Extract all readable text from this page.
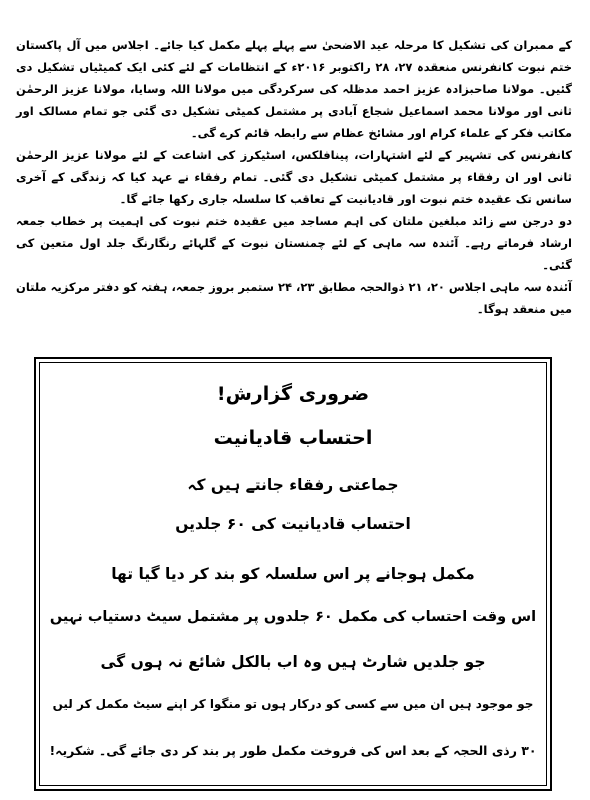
کے ممبران کی تشکیل کا مرحلہ عید الاضحیٰ سے پہلے پہلے مکمل کیا جائے۔ اجلاس میں آل پاکستان ختم نبوت کانفرنس منعقدہ ۲۷، ۲۸ راکتوبر ۲۰۱۶ء کے انتظامات کے لئے کئی ایک کمیٹیاں تشکیل دی گئیں۔ مولانا صاحبزادہ عزیز احمد مدظلہ کی سرکردگی میں مولانا اللہ وسایا، مولانا عزیز الرحمٰن ثانی اور مولانا محمد اسماعیل شجاع آبادی پر مشتمل کمیٹی تشکیل دی گئی جو تمام مسالک اور مکاتب فکر کے علماء کرام اور مشائخ عظام سے رابطہ قائم کرے گی۔

کانفرنس کی تشہیر کے لئے اشتہارات، پینافلکس، اسٹیکرز کی اشاعت کے لئے مولانا عزیز الرحمٰن ثانی اور ان رفقاء پر مشتمل کمیٹی تشکیل دی گئی۔ تمام رفقاء نے عہد کیا کہ زندگی کے آخری سانس تک عقیدہ ختم نبوت اور قادیانیت کے تعاقب کا سلسلہ جاری رکھا جائے گا۔

دو درجن سے زائد مبلغین ملتان کی اہم مساجد میں عقیدہ ختم نبوت کی اہمیت پر خطاب جمعہ ارشاد فرماتے رہے۔ آئندہ سہ ماہی کے لئے چمنستان نبوت کے گلہائے رنگارنگ جلد اول متعین کی گئی۔

آئندہ سہ ماہی اجلاس ۲۰، ۲۱ ذوالحجہ مطابق ۲۳، ۲۴ ستمبر بروز جمعہ، ہفتہ کو دفتر مرکزیہ ملتان میں منعقد ہوگا۔

ضروری گزارش!
احتساب قادیانیت
جماعتی رفقاء جانتے ہیں کہ
احتساب قادیانیت کی ۶۰ جلدیں
مکمل ہوجانے پر اس سلسلہ کو بند کر دیا گیا تھا
اس وقت احتساب کی مکمل ۶۰ جلدوں پر مشتمل سیٹ دستیاب نہیں
جو جلدیں شارٹ ہیں وہ اب بالکل شائع نہ ہوں گی
جو موجود ہیں ان میں سے کسی کو درکار ہوں تو منگوا کر اپنے سیٹ مکمل کر لیں
۳۰ رذی الحجہ کے بعد اس کی فروخت مکمل طور پر بند کر دی جائے گی۔ شکریہ!
